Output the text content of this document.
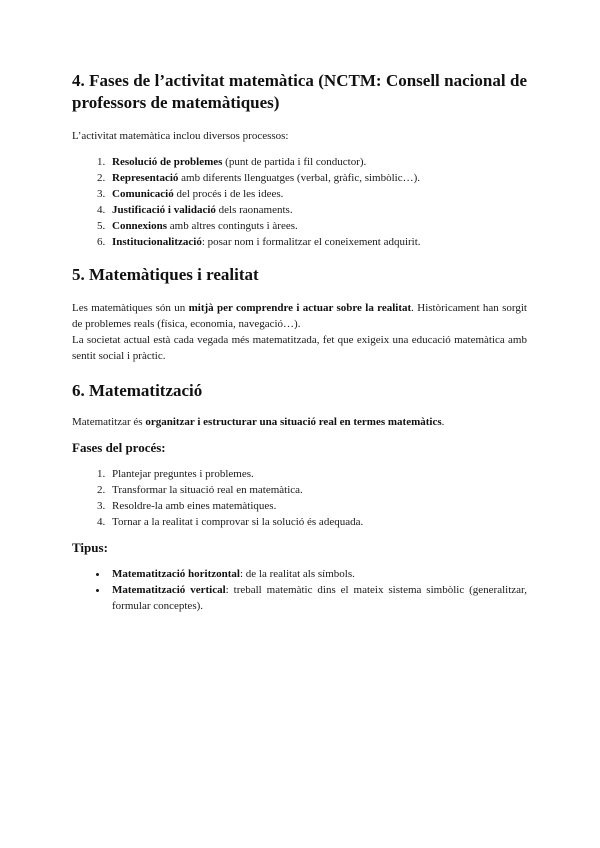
4. Fases de l’activitat matemàtica (NCTM: Consell nacional de professors de matemàtiques)

L’activitat matemàtica inclou diversos processos:

1. Resolució de problemes (punt de partida i fil conductor).
2. Representació amb diferents llenguatges (verbal, gràfic, simbòlic…).
3. Comunicació del procés i de les idees.
4. Justificació i validació dels raonaments.
5. Connexions amb altres continguts i àrees.
6. Institucionalització: posar nom i formalitzar el coneixement adquirit.
5. Matemàtiques i realitat

Les matemàtiques són un mitjà per comprendre i actuar sobre la realitat. Històricament han sorgit de problemes reals (física, economia, navegació…).

La societat actual està cada vegada més matematitzada, fet que exigeix una educació matemàtica amb sentit social i pràctic.

6. Matematització

Matematitzar és organitzar i estructurar una situació real en termes matemàtics.

Fases del procés:
1. Plantejar preguntes i problemes.
2. Transformar la situació real en matemàtica.
3. Resoldre-la amb eines matemàtiques.
4. Tornar a la realitat i comprovar si la solució és adequada.
Tipus:
• Matematització horitzontal: de la realitat als símbols.
• Matematització vertical: treball matemàtic dins el mateix sistema simbòlic (generalitzar, formular conceptes).
